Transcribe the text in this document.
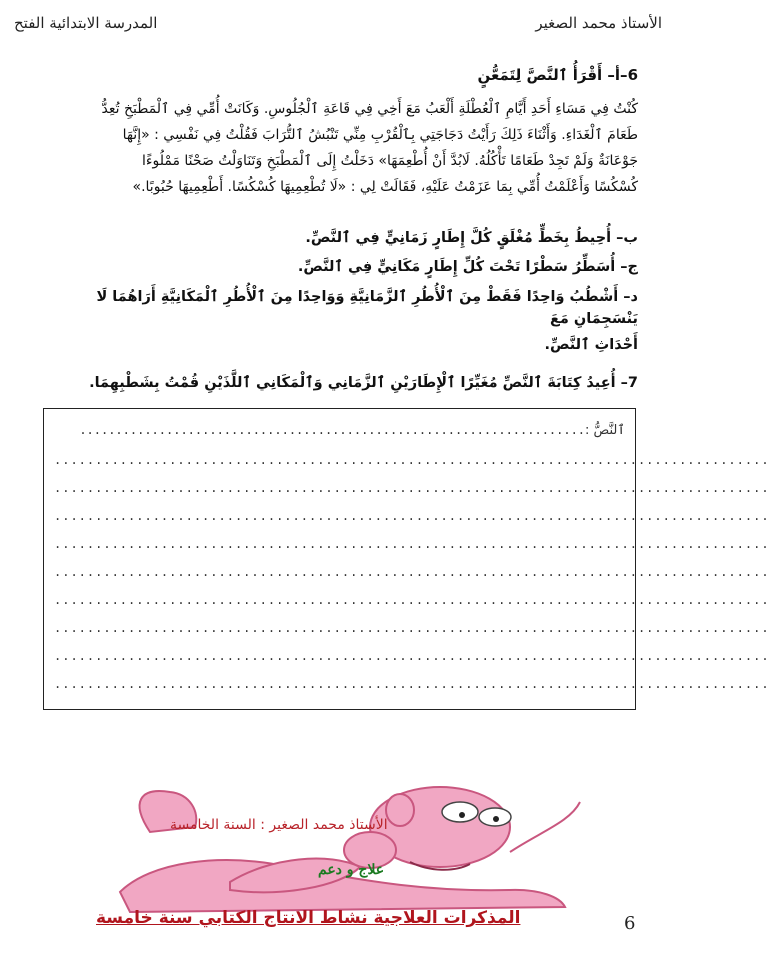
الأستاذ محمد الصغير
المدرسة الابتدائية الفتح
6–أ– أَقْرَأُ ٱلنَّصَّ لِتَمَعُّنٍ
كُنْتُ فِي مَسَاءِ أَحَدِ أَيَّامِ ٱلْعُطْلَةِ أَلْعَبُ مَعَ أَخِي فِي قَاعَةِ ٱلْجُلُوسِ. وَكَانَتْ أُمِّي فِي ٱلْمَطْبَخِ تُعِدُّ
طَعَامَ ٱلْغَدَاءِ. وَأَثْنَاءَ ذَلِكَ رَأَيْتُ دَجَاجَتِي بِٱلْقُرْبِ مِنِّي تَنْبُشُ ٱلتُّرَابَ فَقُلْتُ فِي نَفْسِي : «إِنَّهَا
جَوْعَانَةٌ وَلَمْ تَجِدْ طَعَامًا تَأْكُلُهُ. لَابُدَّ أَنْ أُطْعِمَهَا» دَخَلْتُ إِلَى ٱلْمَطْبَخِ وَتَنَاوَلْتُ صَحْنًا مَمْلُوءًا
كُسْكُسًا وَأَعْلَمْتُ أُمِّي بِمَا عَزَمْتُ عَلَيْهِ، فَقَالَتْ لِي : «لَا تُطْعِمِيهَا كُسْكُسًا. أَطْعِمِيهَا حُبُوبًا.»
ب– أُحِيطُ بِخَطٍّ مُغْلَقٍ كُلَّ إِطَارٍ زَمَانِيٍّ فِي ٱلنَّصِّ.
ج– أُسَطِّرُ سَطْرًا تَحْتَ كُلِّ إِطَارٍ مَكَانِيٍّ فِي ٱلنَّصِّ.
د– أَشْطُبُ وَاحِدًا فَقَطْ مِنَ ٱلْأُطُرِ ٱلزَّمَانِيَّةِ وَوَاحِدًا مِنَ ٱلْأُطُرِ ٱلْمَكَانِيَّةِ أَرَاهُمَا لَا يَنْسَجِمَانِ مَعَ
أَحْدَاثِ ٱلنَّصِّ.
7– أُعِيدُ كِتَابَةَ ٱلنَّصِّ مُغَيِّرًا ٱلْإِطَارَيْنِ ٱلزَّمَانِي وَٱلْمَكَانِي ٱللَّذَيْنِ قُمْتُ بِشَطْبِهِمَا.
ٱلنَّصُّ :......................................................................
.......................................................................................
.......................................................................................
.......................................................................................
.......................................................................................
.......................................................................................
.......................................................................................
.......................................................................................
.......................................................................................
.......................................................................................
الأستاذ محمد الصغير : السنة الخامسة
علاج و دعم
المذكرات العلاجية نشاط الانتاج الكتابي سنة خامسة	6
